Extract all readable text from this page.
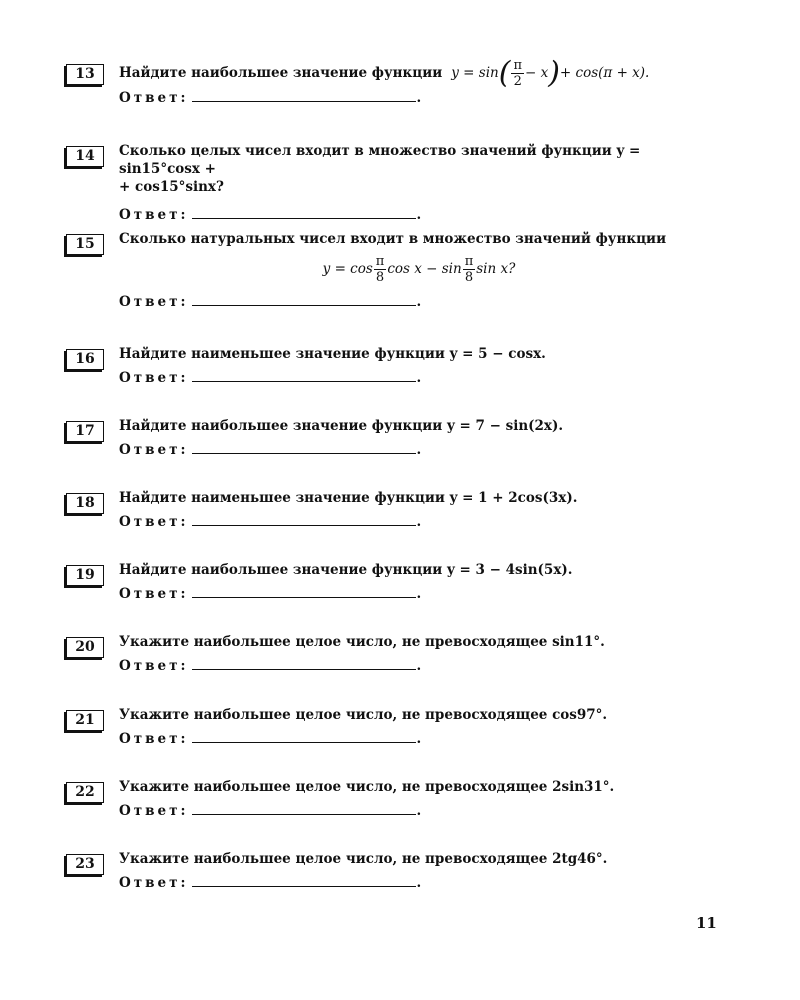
13	Найдите наибольшее значение функции $y = \sin( \frac{\pi}{2} - x)+ \cos(\pi + x)$.
Ответ:	.
14	Сколько целых чисел входит в множество значений функции y = sin15°cosx +
+ cos15°sinx?
Ответ:	.
15	Сколько натуральных чисел входит в множество значений функции
$y = \cos \frac{\pi}{8}$ $\cos x - \sin \frac{\pi}{8}$ sin x?
Ответ:	.
16	Найдите наименьшее значение функции y = 5 − cosx.
Ответ:	.
17	Найдите наибольшее значение функции y = 7 − sin(2x).
Ответ:	.
18	Найдите наименьшее значение функции y = 1 + 2cos(3x).
Ответ:	.
19	Найдите наибольшее значение функции y = 3 − 4sin(5x).
Ответ:	.
20	Укажите наибольшее целое число, не превосходящее sin11°.
Ответ:	.
21	Укажите наибольшее целое число, не превосходящее cos97°.
Ответ:	.
22	Укажите наибольшее целое число, не превосходящее 2sin31°.
Ответ:	.
23	Укажите наибольшее целое число, не превосходящее 2tg46°.
Ответ:	.
11
